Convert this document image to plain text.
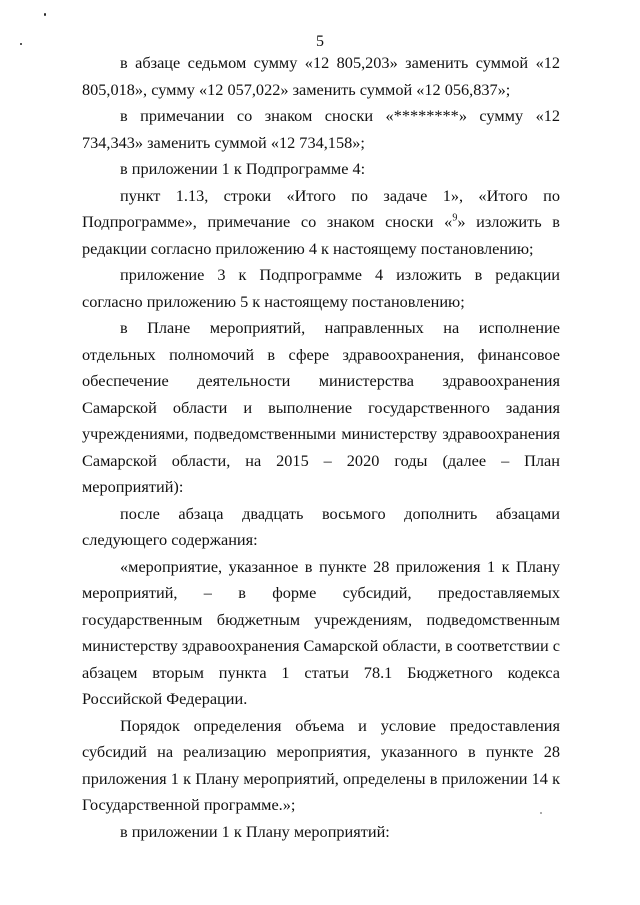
5

в абзаце седьмом сумму «12 805,203» заменить суммой «12 805,018», сумму «12 057,022» заменить суммой «12 056,837»;

в примечании со знаком сноски «********» сумму «12 734,343» заменить суммой «12 734,158»;

в приложении 1 к Подпрограмме 4:

пункт 1.13, строки «Итого по задаче 1», «Итого по Подпрограмме», примечание со знаком сноски «$^9$» изложить в редакции согласно приложению 4 к настоящему постановлению;

приложение 3 к Подпрограмме 4 изложить в редакции согласно приложению 5 к настоящему постановлению;

в Плане мероприятий, направленных на исполнение отдельных полномочий в сфере здравоохранения, финансовое обеспечение деятельности министерства здравоохранения Самарской области и выполнение государственного задания учреждениями, подведомственными министерству здравоохранения Самарской области, на 2015 – 2020 годы (далее – План мероприятий):

после абзаца двадцать восьмого дополнить абзацами следующего содержания:

«мероприятие, указанное в пункте 28 приложения 1 к Плану мероприятий, – в форме субсидий, предоставляемых государственным бюджетным учреждениям, подведомственным министерству здравоохранения Самарской области, в соответствии с абзацем вторым пункта 1 статьи 78.1 Бюджетного кодекса Российской Федерации.

Порядок определения объема и условие предоставления субсидий на реализацию мероприятия, указанного в пункте 28 приложения 1 к Плану мероприятий, определены в приложении 14 к Государственной программе.»;

в приложении 1 к Плану мероприятий:
